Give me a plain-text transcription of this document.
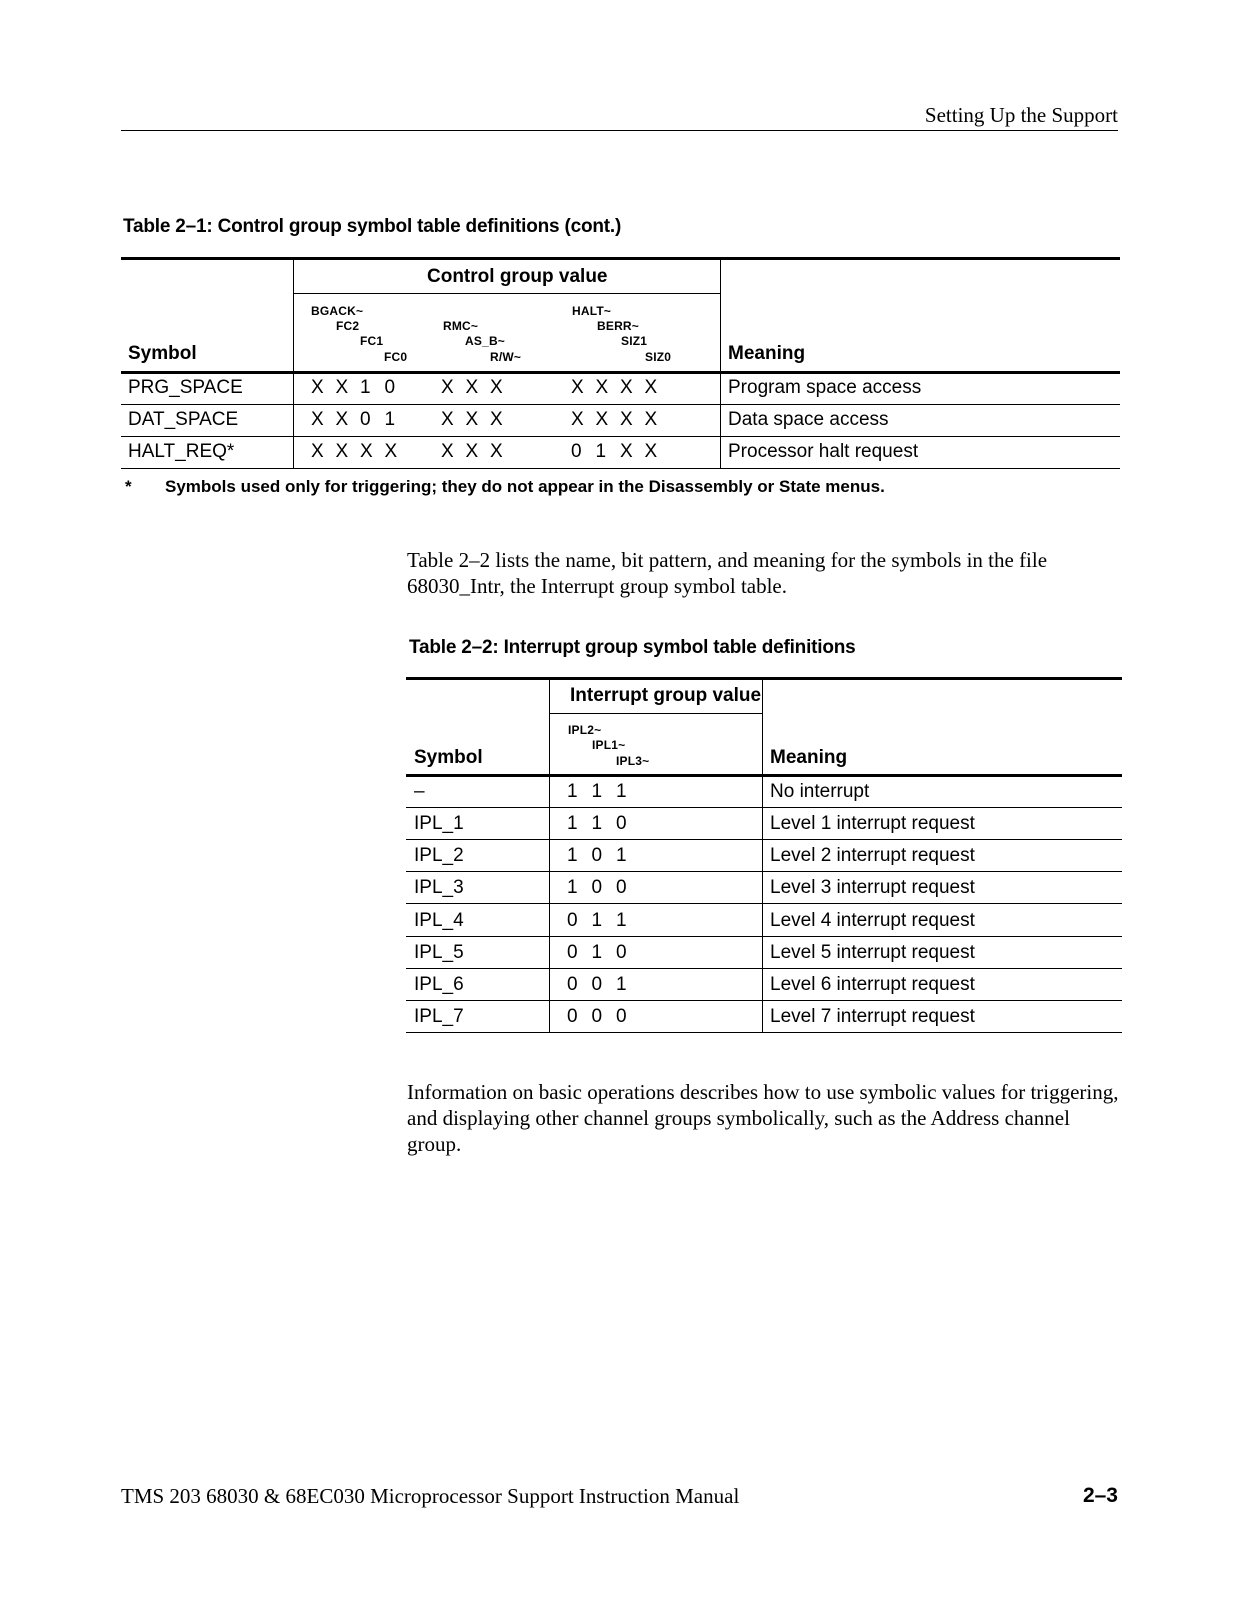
Setting Up the Support
Table 2–1: Control group symbol table definitions (cont.)
Control group value
Symbol	Meaning
BGACK~
FC2
FC1
FC0
RMC~
AS_B~
R/W~
HALT~
BERR~
SIZ1
SIZ0
PRG_SPACE	X X 1 0	X X X	X X X X	Program space access
DAT_SPACE	X X 0 1	X X X	X X X X	Data space access
HALT_REQ*	X X X X	X X X	0 1 X X	Processor halt request
* Symbols used only for triggering; they do not appear in the Disassembly or State menus.
Table 2–2 lists the name, bit pattern, and meaning for the symbols in the file 68030_Intr, the Interrupt group symbol table.
Table 2–2: Interrupt group symbol table definitions
Interrupt group value
Symbol	Meaning
IPL2~
IPL1~
IPL3~
–	1 1 1	No interrupt
IPL_1	1 1 0	Level 1 interrupt request
IPL_2	1 0 1	Level 2 interrupt request
IPL_3	1 0 0	Level 3 interrupt request
IPL_4	0 1 1	Level 4 interrupt request
IPL_5	0 1 0	Level 5 interrupt request
IPL_6	0 0 1	Level 6 interrupt request
IPL_7	0 0 0	Level 7 interrupt request
Information on basic operations describes how to use symbolic values for triggering, and displaying other channel groups symbolically, such as the Address channel group.
TMS 203 68030 & 68EC030 Microprocessor Support Instruction Manual	2–3
